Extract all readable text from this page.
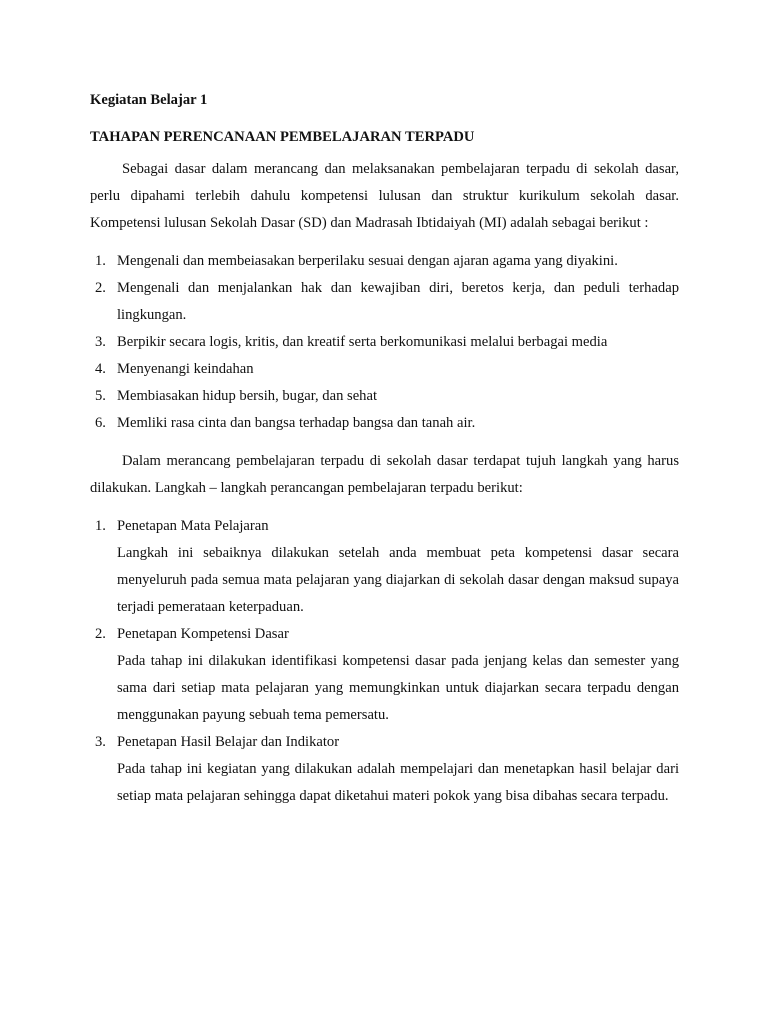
Kegiatan Belajar 1

TAHAPAN PERENCANAAN PEMBELAJARAN TERPADU

Sebagai dasar dalam merancang dan melaksanakan pembelajaran terpadu di sekolah dasar, perlu dipahami terlebih dahulu kompetensi lulusan dan struktur kurikulum sekolah dasar. Kompetensi lulusan Sekolah Dasar (SD) dan Madrasah Ibtidaiyah (MI) adalah sebagai berikut :

1. Mengenali dan membeiasakan berperilaku sesuai dengan ajaran agama yang diyakini.
2. Mengenali dan menjalankan hak dan kewajiban diri, beretos kerja, dan peduli terhadap lingkungan.
3. Berpikir secara logis, kritis, dan kreatif serta berkomunikasi melalui berbagai media
4. Menyenangi keindahan
5. Membiasakan hidup bersih, bugar, dan sehat
6. Memliki rasa cinta dan bangsa terhadap bangsa dan tanah air.

Dalam merancang pembelajaran terpadu di sekolah dasar terdapat tujuh langkah yang harus dilakukan. Langkah – langkah perancangan pembelajaran terpadu berikut:

1. Penetapan Mata Pelajaran
Langkah ini sebaiknya dilakukan setelah anda membuat peta kompetensi dasar secara menyeluruh pada semua mata pelajaran yang diajarkan di sekolah dasar dengan maksud supaya terjadi pemerataan keterpaduan.
2. Penetapan Kompetensi Dasar
Pada tahap ini dilakukan identifikasi kompetensi dasar pada jenjang kelas dan semester yang sama dari setiap mata pelajaran yang memungkinkan untuk diajarkan secara terpadu dengan menggunakan payung sebuah tema pemersatu.
3. Penetapan Hasil Belajar dan Indikator
Pada tahap ini kegiatan yang dilakukan adalah mempelajari dan menetapkan hasil belajar dari setiap mata pelajaran sehingga dapat diketahui materi pokok yang bisa dibahas secara terpadu.
